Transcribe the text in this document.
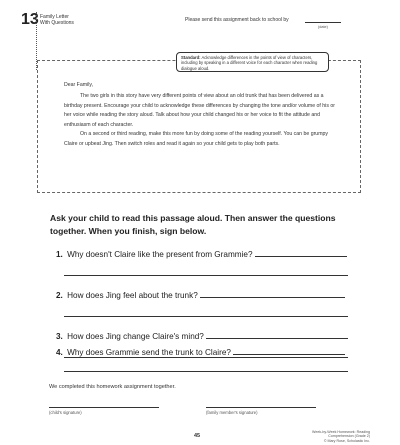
13 Family Letter
With Questions	Please send this assignment back to school by
(date)
Standard: Acknowledge differences in the points of view of characters, including by speaking in a different voice for each character when reading dialogue aloud.
Dear Family,

The two girls in this story have very different points of view about an old trunk that has been delivered as a birthday present. Encourage your child to acknowledge these differences by changing the tone and/or volume of his or her voice while reading the story aloud. Talk about how your child changed his or her voice to fit the attitude and enthusiasm of each character.

On a second or third reading, make this more fun by doing some of the reading yourself. You can be grumpy Claire or upbeat Jing. Then switch roles and read it again so your child gets to play both parts.

Ask your child to read this passage aloud. Then answer the questions together. When you finish, sign below.
1. Why doesn't Claire like the present from Grammie?
2. How does Jing feel about the trunk?
3. How does Jing change Claire's mind?
4. Why does Grammie send the trunk to Claire?
We completed this homework assignment together.
(child's signature)	(family member's signature)
45
Week-by-Week Homework: Reading Comprehension (Grade 2)
© Mary Rose, Scholastic Inc.
